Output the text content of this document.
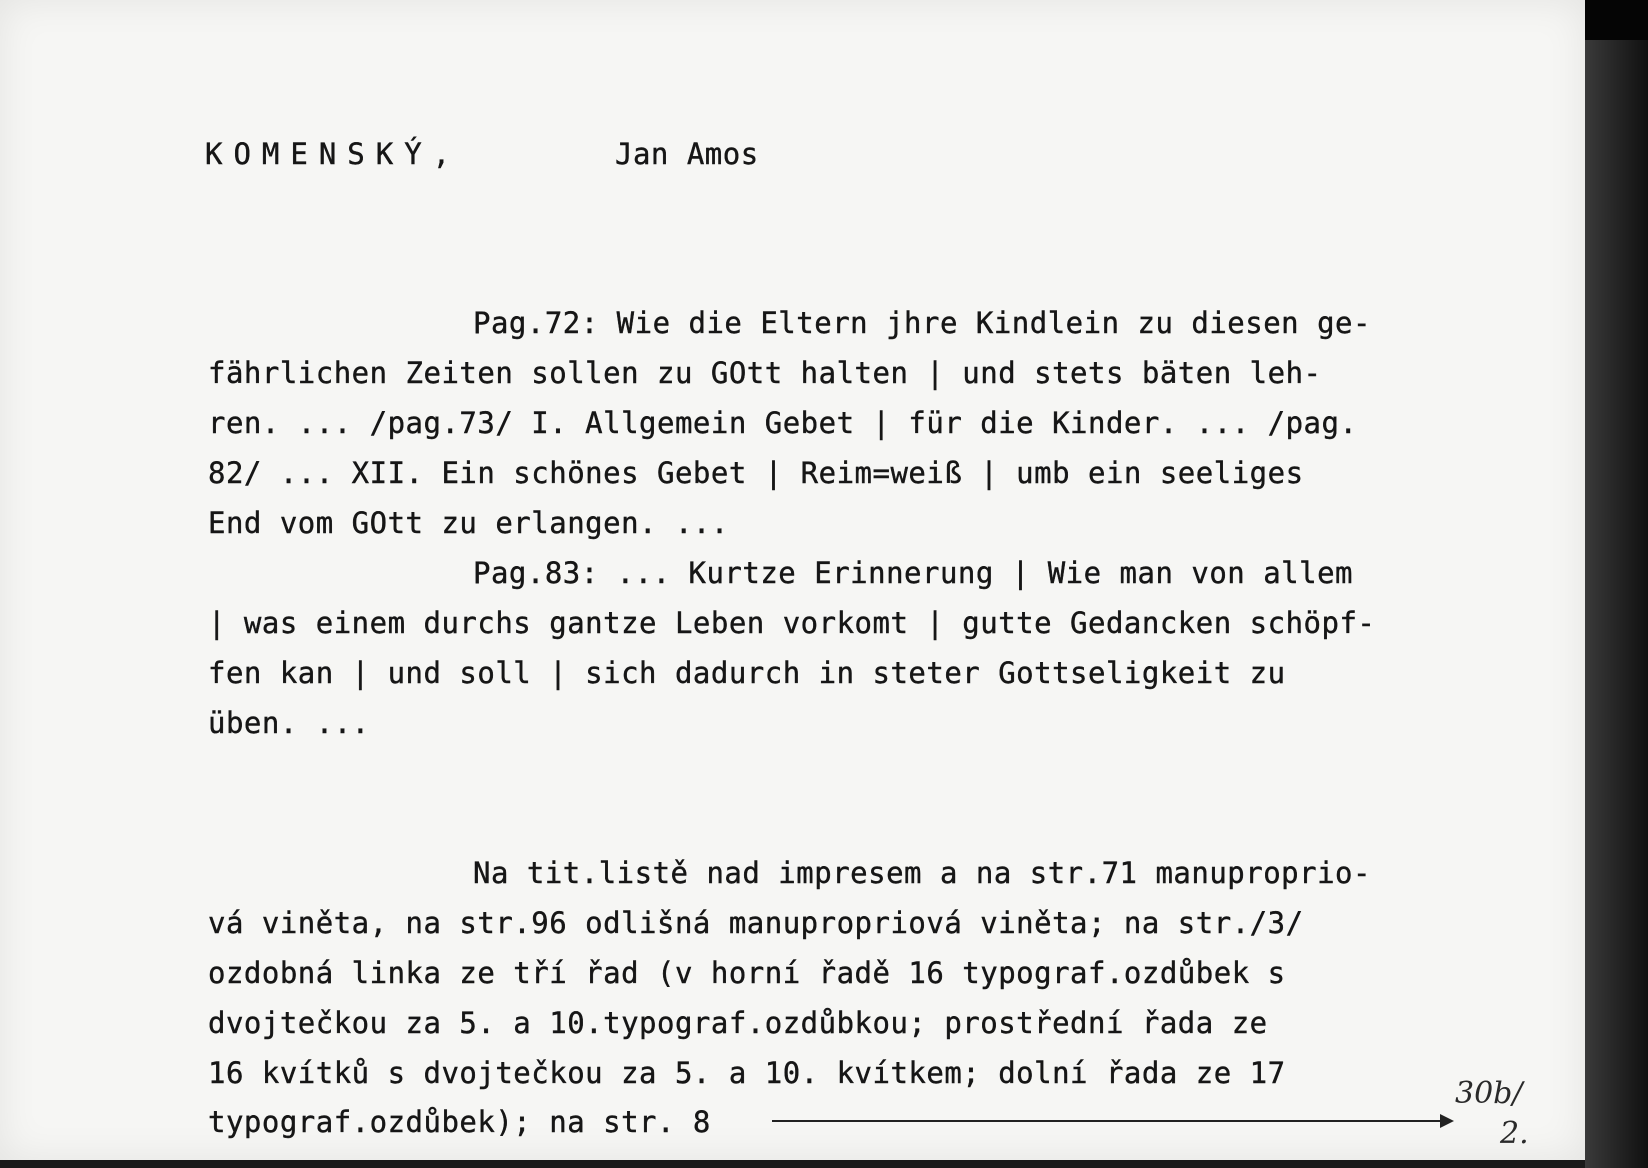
KOMENSKÝ,	Jan Amos
Pag.72: Wie die Eltern jhre Kindlein zu diesen ge-
fährlichen Zeiten sollen zu GOtt halten | und stets bäten leh-
ren. ... /pag.73/ I. Allgemein Gebet | für die Kinder. ... /pag.
82/ ... XII. Ein schönes Gebet | Reim=weiß | umb ein seeliges
End vom GOtt zu erlangen. ...
Pag.83: ... Kurtze Erinnerung | Wie man von allem
| was einem durchs gantze Leben vorkomt | gutte Gedancken schöpf-
fen kan | und soll | sich dadurch in steter Gottseligkeit zu
üben. ...
Na tit.listě nad impresem a na str.71 manuproprio-
vá viněta, na str.96 odlišná manupropriová viněta; na str./3/
ozdobná linka ze tří řad (v horní řadě 16 typograf.ozdůbek s
dvojtečkou za 5. a 10.typograf.ozdůbkou; prostřední řada ze
16 kvítků s dvojtečkou za 5. a 10. kvítkem; dolní řada ze 17
typograf.ozdůbek); na str. 8
30b/
2.
